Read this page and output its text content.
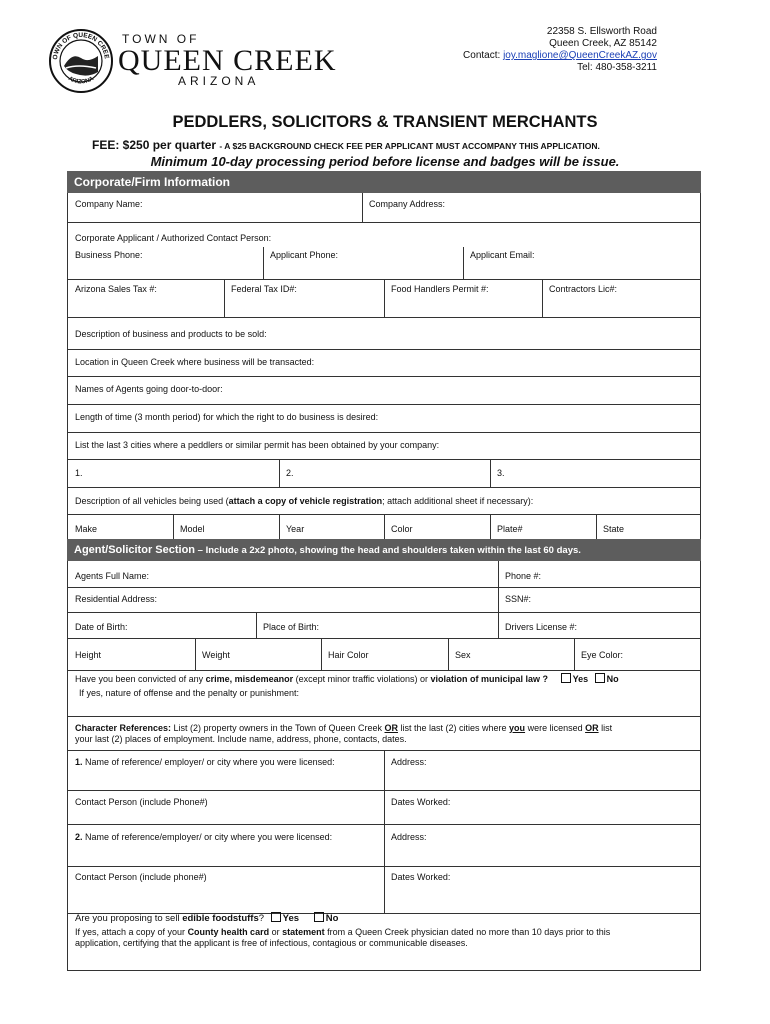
OWN OF QUEEN CREE
ARIZONA
TOWN OF
QUEEN CREEK
ARIZONA
22358 S. Ellsworth Road
Queen Creek, AZ 85142
Contact: joy.maglione@QueenCreekAZ.gov
Tel: 480-358-3211
PEDDLERS, SOLICITORS & TRANSIENT MERCHANTS
FEE: $250 per quarter - A $25 BACKGROUND CHECK FEE PER APPLICANT MUST ACCOMPANY THIS APPLICATION.
Minimum 10-day processing period before license and badges will be issue.
Corporate/Firm Information
Company Name:	Company Address:
Corporate Applicant / Authorized Contact Person:
Business Phone:	Applicant Phone:	Applicant Email:
Arizona Sales Tax #:	Federal Tax ID#:	Food Handlers Permit #:	Contractors Lic#:
Description of business and products to be sold:
Location in Queen Creek where business will be transacted:
Names of Agents going door-to-door:
Length of time (3 month period) for which the right to do business is desired:
List the last 3 cities where a peddlers or similar permit has been obtained by your company:
1.	2.	3.
Description of all vehicles being used (attach a copy of vehicle registration; attach additional sheet if necessary):
Make	Model	Year	Color	Plate#	State
Agent/Solicitor Section – Include a 2x2 photo, showing the head and shoulders taken within the last 60 days.
Agents Full Name:	Phone #:
Residential Address:	SSN#:
Date of Birth:	Place of Birth:	Drivers License #:
Height	Weight	Hair Color	Sex	Eye Color:
Have you been convicted of any crime, misdemeanor (except minor traffic violations) or violation of municipal law ?	Yes No
If yes, nature of offense and the penalty or punishment:
Character References: List (2) property owners in the Town of Queen Creek OR list the last (2) cities where you were licensed OR list
your last (2) places of employment. Include name, address, phone, contacts, dates.
1. Name of reference/ employer/ or city where you were licensed:	Address:
Contact Person (include Phone#)	Dates Worked:
2. Name of reference/employer/ or city where you were licensed:	Address:
Contact Person (include phone#)	Dates Worked:
Are you proposing to sell edible foodstuffs? Yes	No
If yes, attach a copy of your County health card or statement from a Queen Creek physician dated no more than 10 days prior to this
application, certifying that the applicant is free of infectious, contagious or communicable diseases.
